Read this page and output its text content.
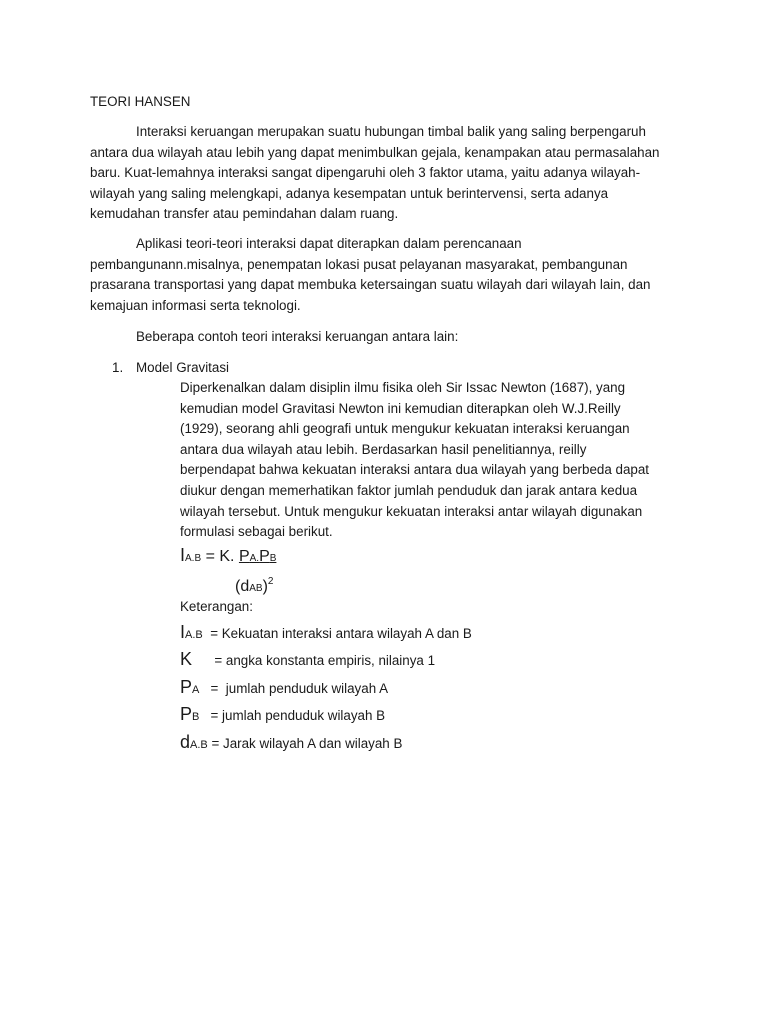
TEORI HANSEN
Interaksi keruangan merupakan suatu hubungan timbal balik yang saling berpengaruh
antara dua wilayah atau lebih yang dapat menimbulkan gejala, kenampakan atau permasalahan
baru. Kuat-lemahnya interaksi sangat dipengaruhi oleh 3 faktor utama, yaitu adanya wilayah-
wilayah yang saling melengkapi, adanya kesempatan untuk berintervensi, serta adanya
kemudahan transfer atau pemindahan dalam ruang.
Aplikasi teori-teori interaksi dapat diterapkan dalam perencanaan
pembangunann.misalnya, penempatan lokasi pusat pelayanan masyarakat, pembangunan
prasarana transportasi yang dapat membuka ketersaingan suatu wilayah dari wilayah lain, dan
kemajuan informasi serta teknologi.
Beberapa contoh teori interaksi keruangan antara lain:
1. Model Gravitasi
Diperkenalkan dalam disiplin ilmu fisika oleh Sir Issac Newton (1687), yang
kemudian model Gravitasi Newton ini kemudian diterapkan oleh W.J.Reilly
(1929), seorang ahli geografi untuk mengukur kekuatan interaksi keruangan
antara dua wilayah atau lebih. Berdasarkan hasil penelitiannya, reilly
berpendapat bahwa kekuatan interaksi antara dua wilayah yang berbeda dapat
diukur dengan memerhatikan faktor jumlah penduduk dan jarak antara kedua
wilayah tersebut. Untuk mengukur kekuatan interaksi antar wilayah digunakan
formulasi sebagai berikut.
IA.B = K. PA.PB
(dAB)$^2$
Keterangan:
IA.B  = Kekuatan interaksi antara wilayah A dan B
K      = angka konstanta empiris, nilainya 1
PA   =  jumlah penduduk wilayah A
PB   = jumlah penduduk wilayah B
dA.B = Jarak wilayah A dan wilayah B
